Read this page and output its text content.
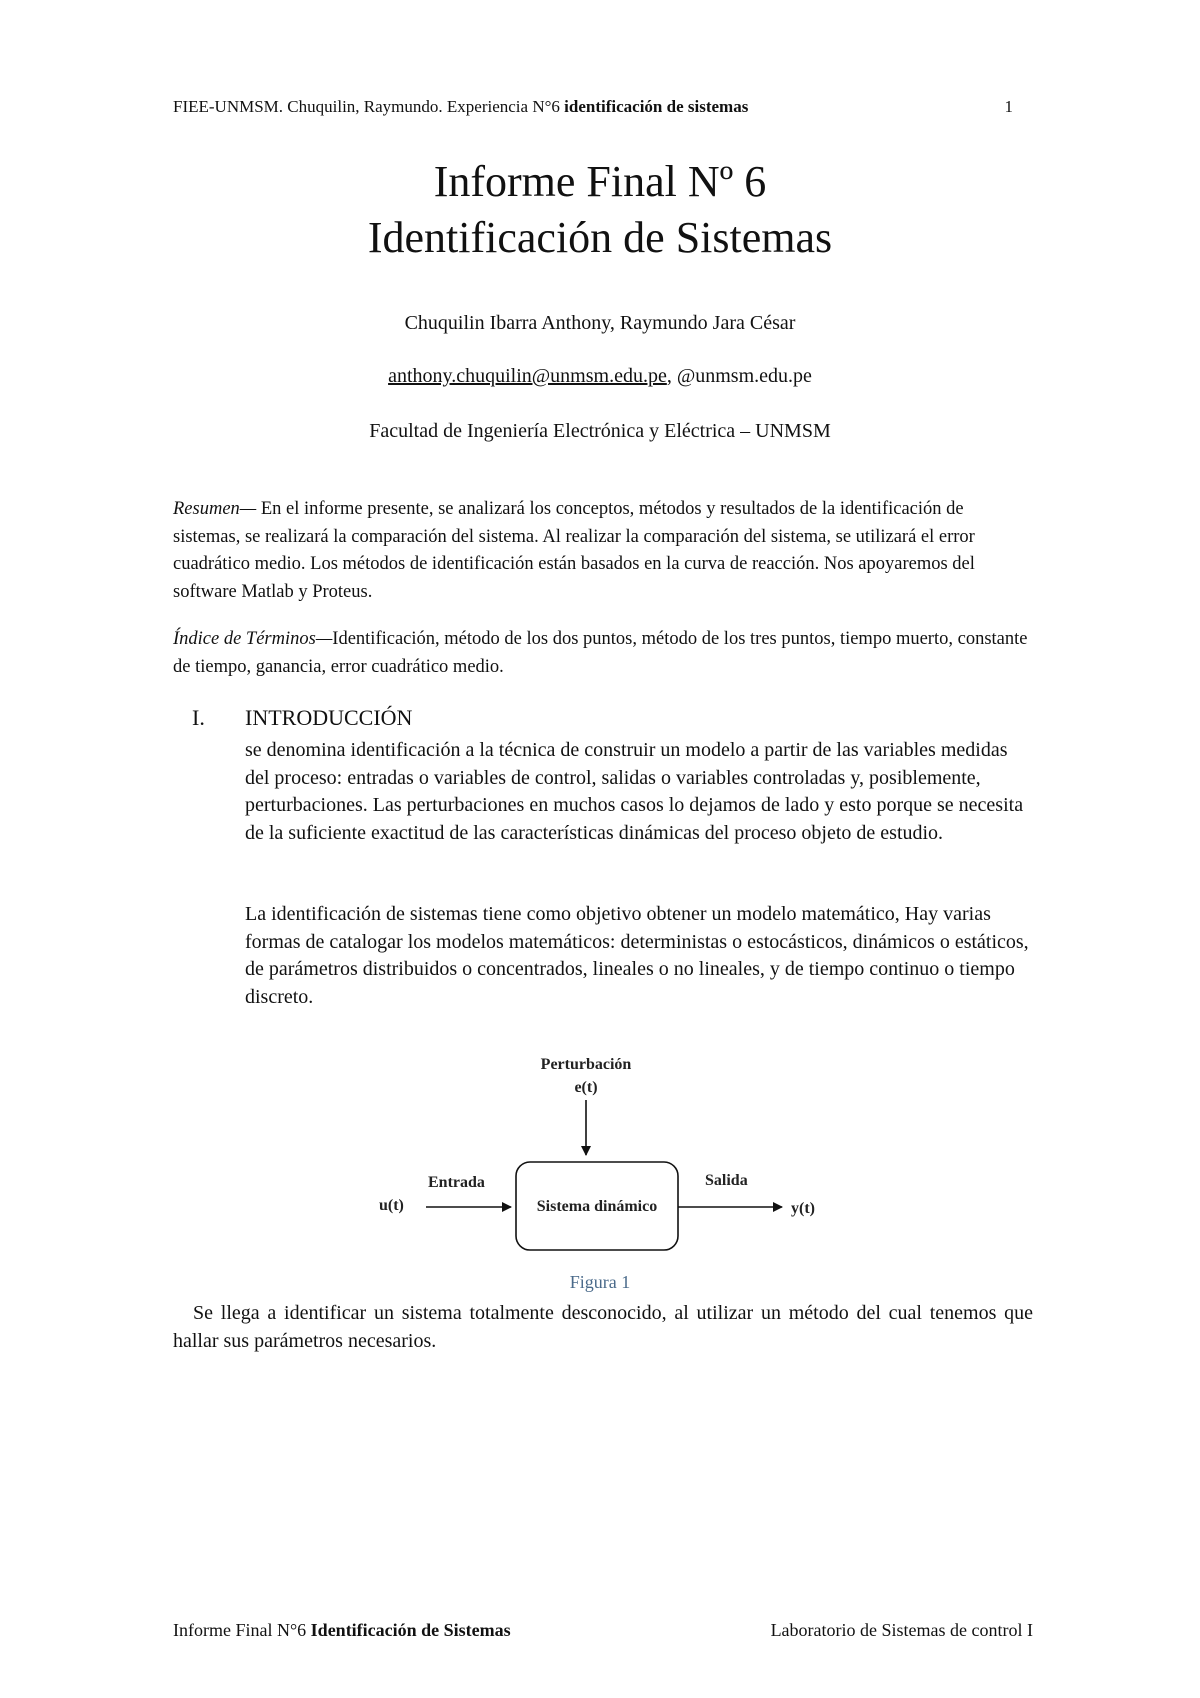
FIEE-UNMSM. Chuquilin, Raymundo. Experiencia N°6 identificación de sistemas	1
Informe Final Nº 6
Identificación de Sistemas
Chuquilin Ibarra Anthony, Raymundo Jara César
anthony.chuquilin@unmsm.edu.pe, @unmsm.edu.pe
Facultad de Ingeniería Electrónica y Eléctrica – UNMSM
Resumen— En el informe presente, se analizará los conceptos, métodos y resultados de la identificación de sistemas, se realizará la comparación del sistema. Al realizar la comparación del sistema, se utilizará el error cuadrático medio. Los métodos de identificación están basados en la curva de reacción. Nos apoyaremos del software Matlab y Proteus.
Índice de Términos—Identificación, método de los dos puntos, método de los tres puntos, tiempo muerto, constante de tiempo, ganancia, error cuadrático medio.
I. INTRODUCCIÓN
se denomina identificación a la técnica de construir un modelo a partir de las variables medidas del proceso: entradas o variables de control, salidas o variables controladas y, posiblemente, perturbaciones. Las perturbaciones en muchos casos lo dejamos de lado y esto porque se necesita de la suficiente exactitud de las características dinámicas del proceso objeto de estudio.
La identificación de sistemas tiene como objetivo obtener un modelo matemático, Hay varias formas de catalogar los modelos matemáticos: deterministas o estocásticos, dinámicos o estáticos, de parámetros distribuidos o concentrados, lineales o no lineales, y de tiempo continuo o tiempo discreto.
Perturbación
e(t)
Sistema dinámico
u(t)
Entrada	Salida
y(t)
Figura 1
Se llega a identificar un sistema totalmente desconocido, al utilizar un método del cual tenemos que hallar sus parámetros necesarios.
Informe Final N°6 Identificación de Sistemas	Laboratorio de Sistemas de control I
